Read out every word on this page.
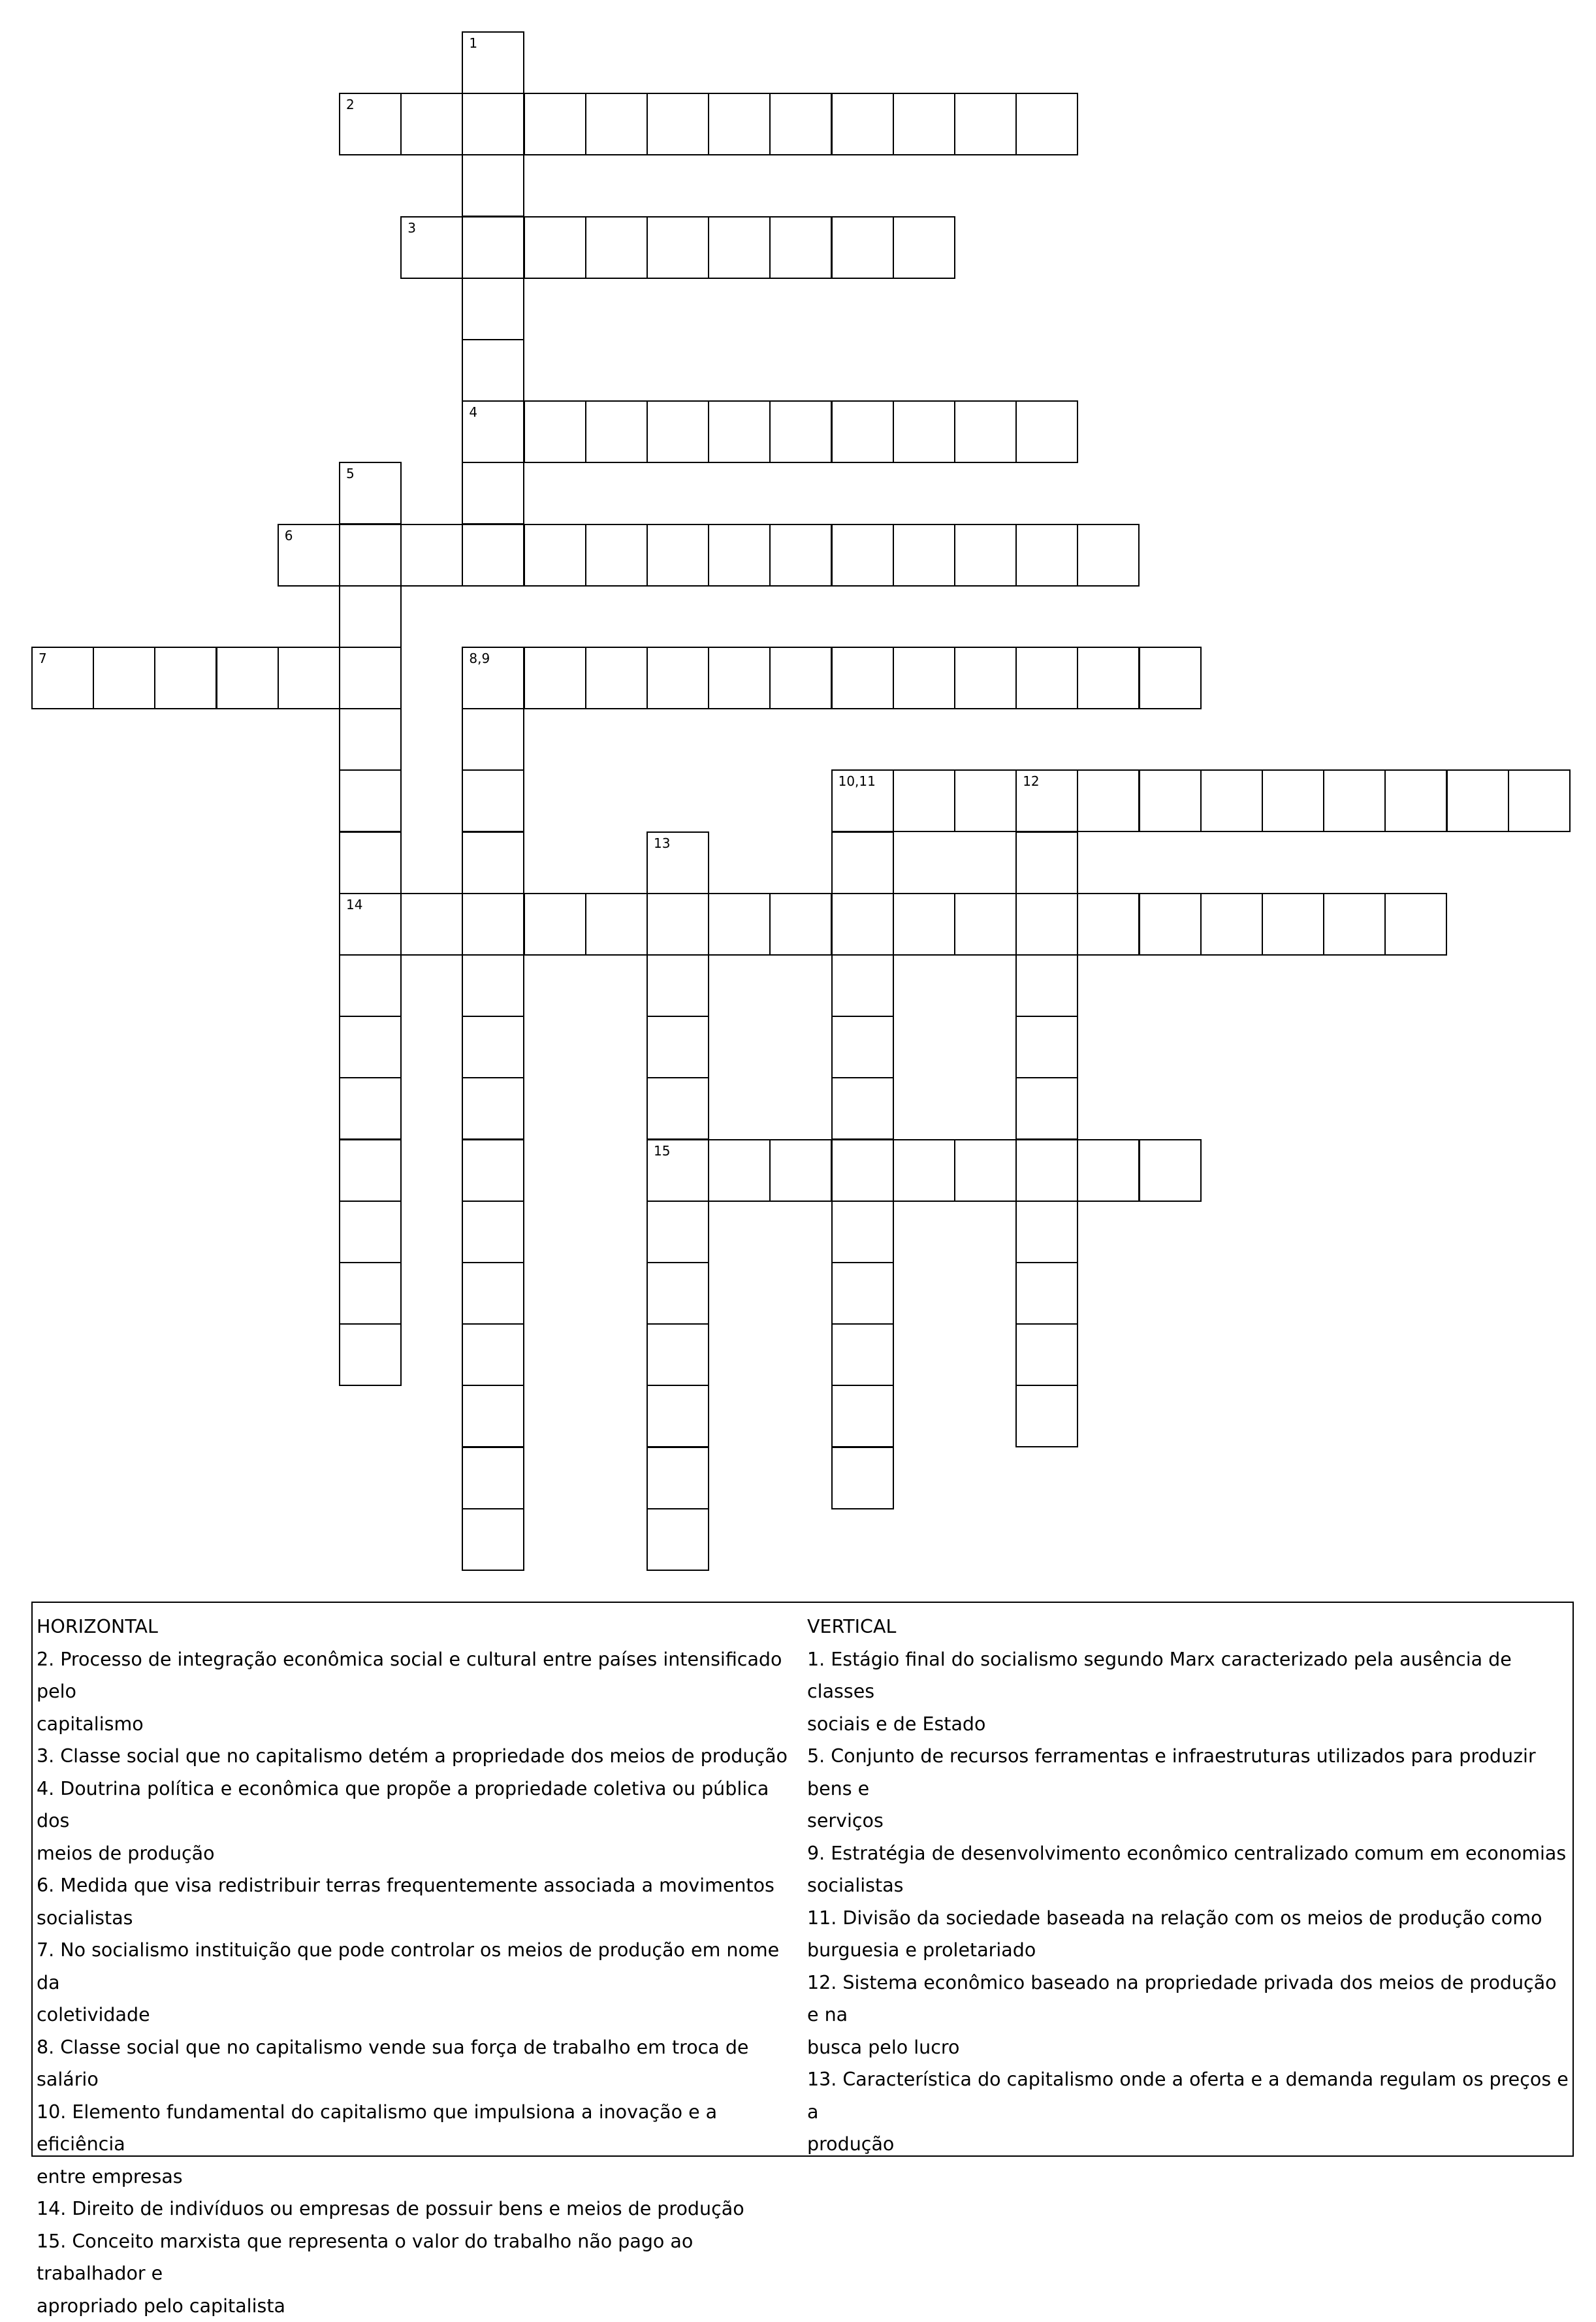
1
2
3
4
5
6
7	8,9
10,11	12
13
14
15

HORIZONTAL

2. Processo de integração econômica social e cultural entre países intensificado pelo

capitalismo

3. Classe social que no capitalismo detém a propriedade dos meios de produção

4. Doutrina política e econômica que propõe a propriedade coletiva ou pública dos

meios de produção

6. Medida que visa redistribuir terras frequentemente associada a movimentos

socialistas

7. No socialismo instituição que pode controlar os meios de produção em nome da

coletividade

8. Classe social que no capitalismo vende sua força de trabalho em troca de salário

10. Elemento fundamental do capitalismo que impulsiona a inovação e a eficiência

entre empresas

14. Direito de indivíduos ou empresas de possuir bens e meios de produção

15. Conceito marxista que representa o valor do trabalho não pago ao trabalhador e

apropriado pelo capitalista

VERTICAL

1. Estágio final do socialismo segundo Marx caracterizado pela ausência de classes

sociais e de Estado

5. Conjunto de recursos ferramentas e infraestruturas utilizados para produzir bens e

serviços

9. Estratégia de desenvolvimento econômico centralizado comum em economias

socialistas

11. Divisão da sociedade baseada na relação com os meios de produção como

burguesia e proletariado

12. Sistema econômico baseado na propriedade privada dos meios de produção e na

busca pelo lucro

13. Característica do capitalismo onde a oferta e a demanda regulam os preços e a

produção
